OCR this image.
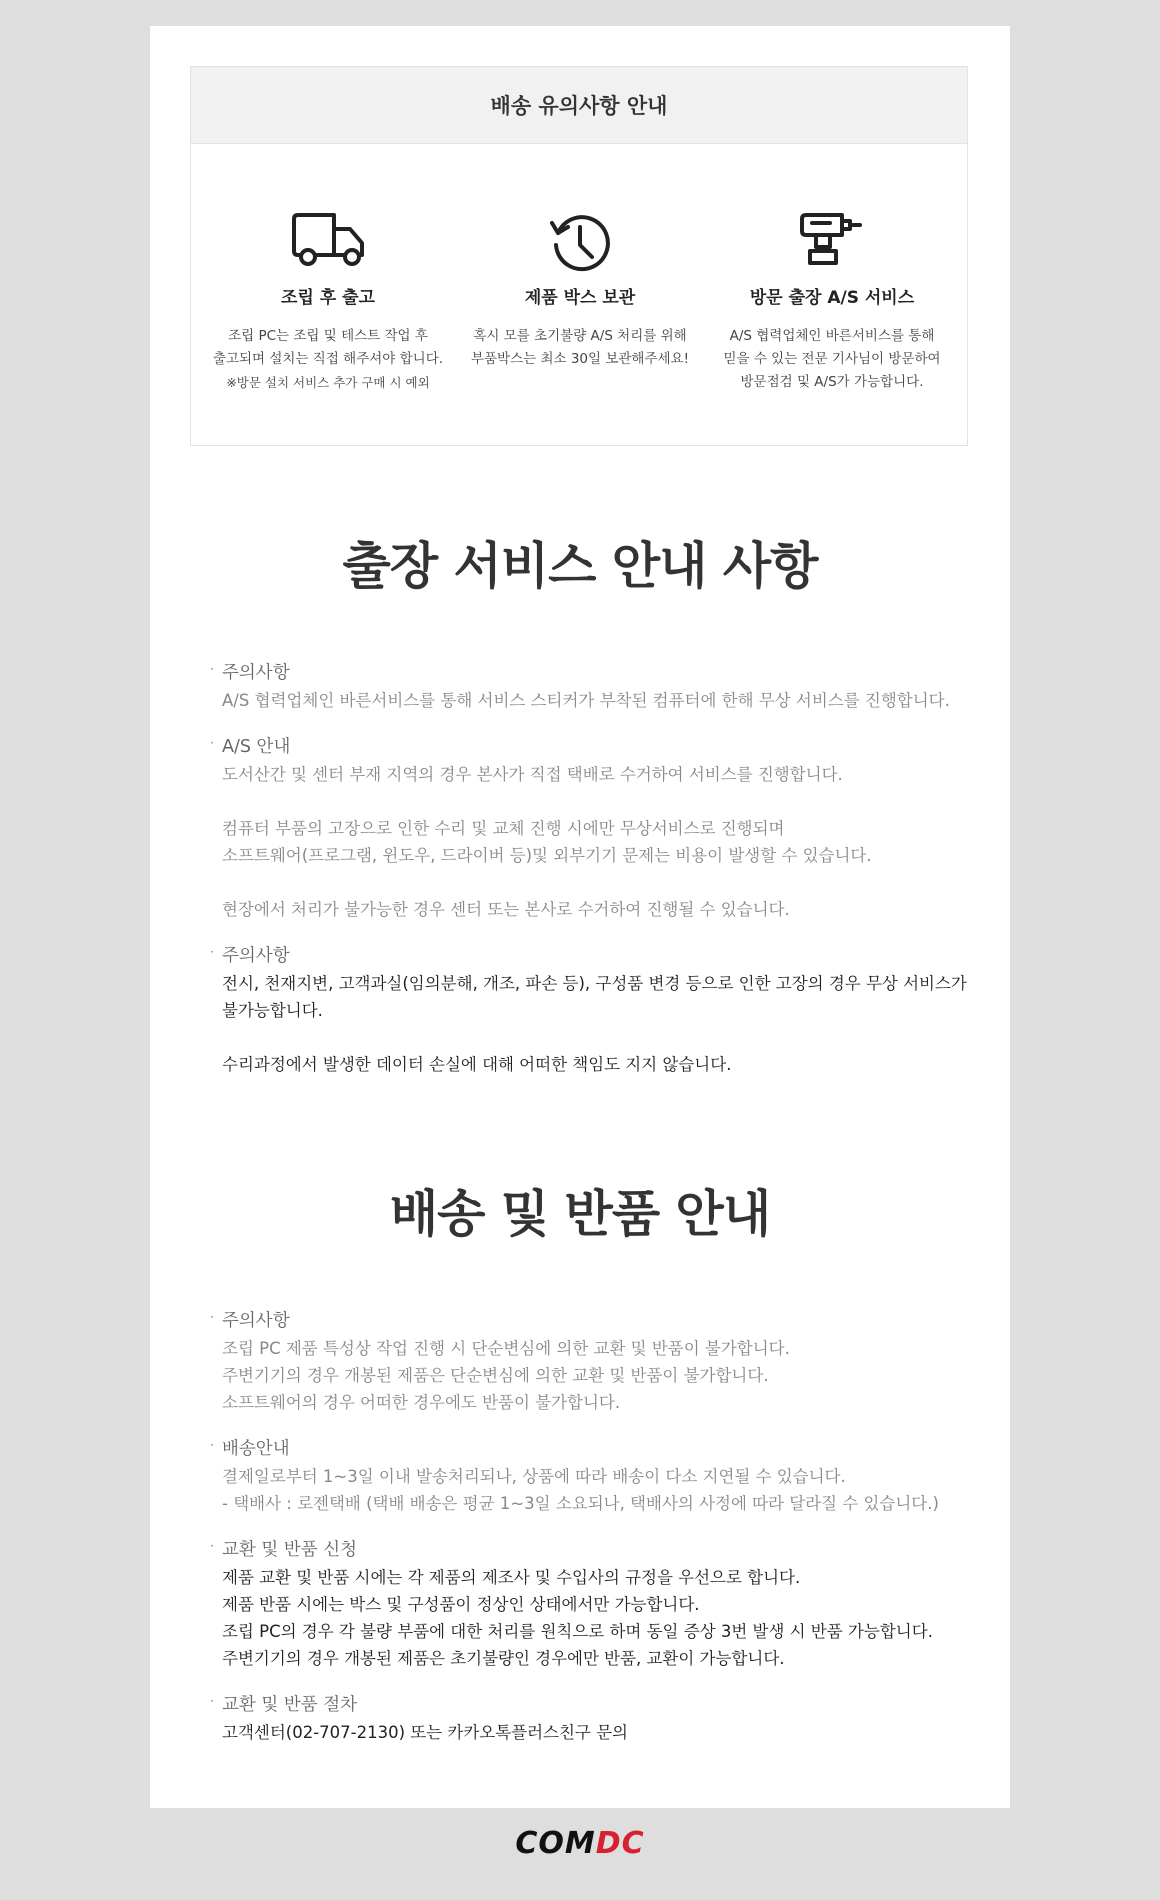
배송 유의사항 안내
조립 후 출고
조립 PC는 조립 및 테스트 작업 후
출고되며 설치는 직접 해주셔야 합니다.
※방문 설치 서비스 추가 구매 시 예외
제품 박스 보관
혹시 모를 초기불량 A/S 처리를 위해
부품박스는 최소 30일 보관해주세요!
방문 출장 A/S 서비스
A/S 협력업체인 바른서비스를 통해
믿을 수 있는 전문 기사님이 방문하여
방문점검 및 A/S가 가능합니다.
출장 서비스 안내 사항
· 주의사항
A/S 협력업체인 바른서비스를 통해 서비스 스티커가 부착된 컴퓨터에 한해 무상 서비스를 진행합니다.
· A/S 안내
도서산간 및 센터 부재 지역의 경우 본사가 직접 택배로 수거하여 서비스를 진행합니다.
컴퓨터 부품의 고장으로 인한 수리 및 교체 진행 시에만 무상서비스로 진행되며
소프트웨어(프로그램, 윈도우, 드라이버 등)및 외부기기 문제는 비용이 발생할 수 있습니다.
현장에서 처리가 불가능한 경우 센터 또는 본사로 수거하여 진행될 수 있습니다.
· 주의사항
전시, 천재지변, 고객과실(임의분해, 개조, 파손 등), 구성품 변경 등으로 인한 고장의 경우 무상 서비스가
불가능합니다.
수리과정에서 발생한 데이터 손실에 대해 어떠한 책임도 지지 않습니다.
배송 및 반품 안내
· 주의사항
조립 PC 제품 특성상 작업 진행 시 단순변심에 의한 교환 및 반품이 불가합니다.
주변기기의 경우 개봉된 제품은 단순변심에 의한 교환 및 반품이 불가합니다.
소프트웨어의 경우 어떠한 경우에도 반품이 불가합니다.
· 배송안내
결제일로부터 1~3일 이내 발송처리되나, 상품에 따라 배송이 다소 지연될 수 있습니다.
- 택배사 : 로젠택배 (택배 배송은 평균 1~3일 소요되나, 택배사의 사정에 따라 달라질 수 있습니다.)
· 교환 및 반품 신청
제품 교환 및 반품 시에는 각 제품의 제조사 및 수입사의 규정을 우선으로 합니다.
제품 반품 시에는 박스 및 구성품이 정상인 상태에서만 가능합니다.
조립 PC의 경우 각 불량 부품에 대한 처리를 원칙으로 하며 동일 증상 3번 발생 시 반품 가능합니다.
주변기기의 경우 개봉된 제품은 초기불량인 경우에만 반품, 교환이 가능합니다.
· 교환 및 반품 절차
고객센터(02-707-2130) 또는 카카오톡플러스친구 문의
COMDC
